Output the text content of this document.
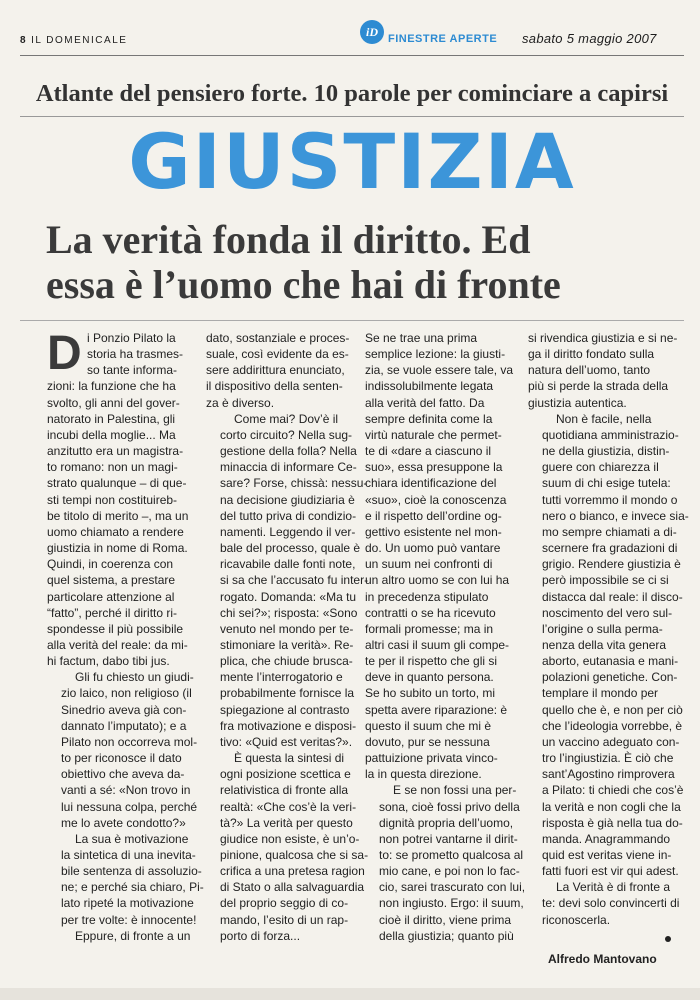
8 IL DOMENICALE
iD
FINESTRE APERTE sabato 5 maggio 2007
Atlante del pensiero forte. 10 parole per cominciare a capirsi
GIUSTIZIA
La verità fonda il diritto. Ed
essa è l’uomo che hai di fronte

D i Ponzio Pilato la
storia ha trasmes-
so tante informa-
zioni: la funzione che ha
svolto, gli anni del gover-
natorato in Palestina, gli
incubi della moglie... Ma
anzitutto era un magistra-
to romano: non un magi-
strato qualunque – di que-
sti tempi non costituireb-
be titolo di merito –, ma un
uomo chiamato a rendere
giustizia in nome di Roma.
Quindi, in coerenza con
quel sistema, a prestare
particolare attenzione al
“fatto”, perché il diritto ri-
spondesse il più possibile
alla verità del reale: da mi-
hi factum, dabo tibi jus.

Gli fu chiesto un giudi-
zio laico, non religioso (il
Sinedrio aveva già con-
dannato l’imputato); e a
Pilato non occorreva mol-
to per riconosce il dato
obiettivo che aveva da-
vanti a sé: «Non trovo in
lui nessuna colpa, perché
me lo avete condotto?»

La sua è motivazione
la sintetica di una inevita-
bile sentenza di assoluzio-
ne; e perché sia chiaro, Pi-
lato ripeté la motivazione
per tre volte: è innocente!

Eppure, di fronte a un

dato, sostanziale e proces-
suale, così evidente da es-
sere addirittura enunciato,
il dispositivo della senten-
za è diverso.

Come mai? Dov’è il
corto circuito? Nella sug-
gestione della folla? Nella
minaccia di informare Ce-
sare? Forse, chissà: nessu-
na decisione giudiziaria è
del tutto priva di condizio-
namenti. Leggendo il ver-
bale del processo, quale è
ricavabile dalle fonti note,
si sa che l’accusato fu inter-
rogato. Domanda: «Ma tu
chi sei?»; risposta: «Sono
venuto nel mondo per te-
stimoniare la verità». Re-
plica, che chiude brusca-
mente l’interrogatorio e
probabilmente fornisce la
spiegazione al contrasto
fra motivazione e disposi-
tivo: «Quid est veritas?».

È questa la sintesi di
ogni posizione scettica e
relativistica di fronte alla
realtà: «Che cos’è la veri-
tà?» La verità per questo
giudice non esiste, è un’o-
pinione, qualcosa che si sa-
crifica a una pretesa ragion
di Stato o alla salvaguardia
del proprio seggio di co-
mando, l’esito di un rap-
porto di forza...

Se ne trae una prima
semplice lezione: la giusti-
zia, se vuole essere tale, va
indissolubilmente legata
alla verità del fatto. Da
sempre definita come la
virtù naturale che permet-
te di «dare a ciascuno il
suo», essa presuppone la
chiara identificazione del
«suo», cioè la conoscenza
e il rispetto dell’ordine og-
gettivo esistente nel mon-
do. Un uomo può vantare
un suum nei confronti di
un altro uomo se con lui ha
in precedenza stipulato
contratti o se ha ricevuto
formali promesse; ma in
altri casi il suum gli compe-
te per il rispetto che gli si
deve in quanto persona.
Se ho subito un torto, mi
spetta avere riparazione: è
questo il suum che mi è
dovuto, pur se nessuna
pattuizione privata vinco-
la in questa direzione.

E se non fossi una per-
sona, cioè fossi privo della
dignità propria dell’uomo,
non potrei vantarne il dirit-
to: se prometto qualcosa al
mio cane, e poi non lo fac-
cio, sarei trascurato con lui,
non ingiusto. Ergo: il suum,
cioè il diritto, viene prima
della giustizia; quanto più

si rivendica giustizia e si ne-
ga il diritto fondato sulla
natura dell’uomo, tanto
più si perde la strada della
giustizia autentica.

Non è facile, nella
quotidiana amministrazio-
ne della giustizia, distin-
guere con chiarezza il
suum di chi esige tutela:
tutti vorremmo il mondo o
nero o bianco, e invece sia-
mo sempre chiamati a di-
scernere fra gradazioni di
grigio. Rendere giustizia è
però impossibile se ci si
distacca dal reale: il disco-
noscimento del vero sul-
l’origine o sulla perma-
nenza della vita genera
aborto, eutanasia e mani-
polazioni genetiche. Con-
templare il mondo per
quello che è, e non per ciò
che l’ideologia vorrebbe, è
un vaccino adeguato con-
tro l’ingiustizia. È ciò che
sant’Agostino rimprovera
a Pilato: ti chiedi che cos’è
la verità e non cogli che la
risposta è già nella tua do-
manda. Anagrammando
quid est veritas viene in-
fatti fuori est vir qui adest.

La Verità è di fronte a
te: devi solo convincerti di
riconoscerla.

Alfredo Mantovano
